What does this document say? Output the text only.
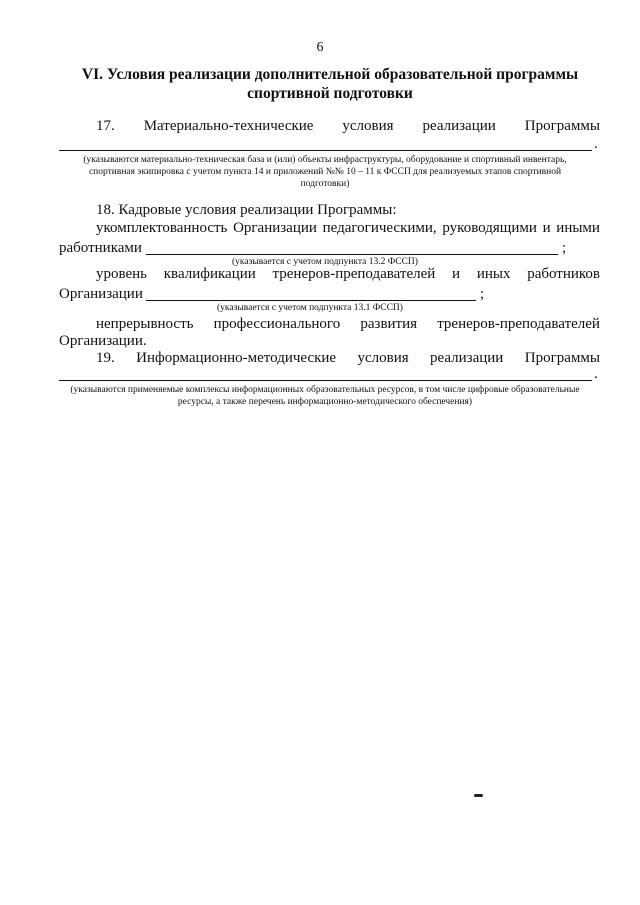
6
VI. Условия реализации дополнительной образовательной программы спортивной подготовки
17. Материально-технические условия реализации Программы
.
(указываются материально-техническая база и (или) объекты инфраструктуры, оборудование и спортивный инвентарь, спортивная экипировка с учетом пункта 14 и приложений №№ 10 – 11 к ФССП для реализуемых этапов спортивной подготовки)
18. Кадровые условия реализации Программы:
укомплектованность Организации педагогическими, руководящими и иными
работниками	;
(указывается с учетом подпункта 13.2 ФССП)
уровень квалификации тренеров-преподавателей и иных работников
Организации	;
(указывается с учетом подпункта 13.1 ФССП)
непрерывность профессионального развития тренеров-преподавателей
Организации.
19. Информационно-методические условия реализации Программы
.
(указываются применяемые комплексы информационных образовательных ресурсов, в том числе цифровые образовательные ресурсы, а также перечень информационно-методического обеспечения)
